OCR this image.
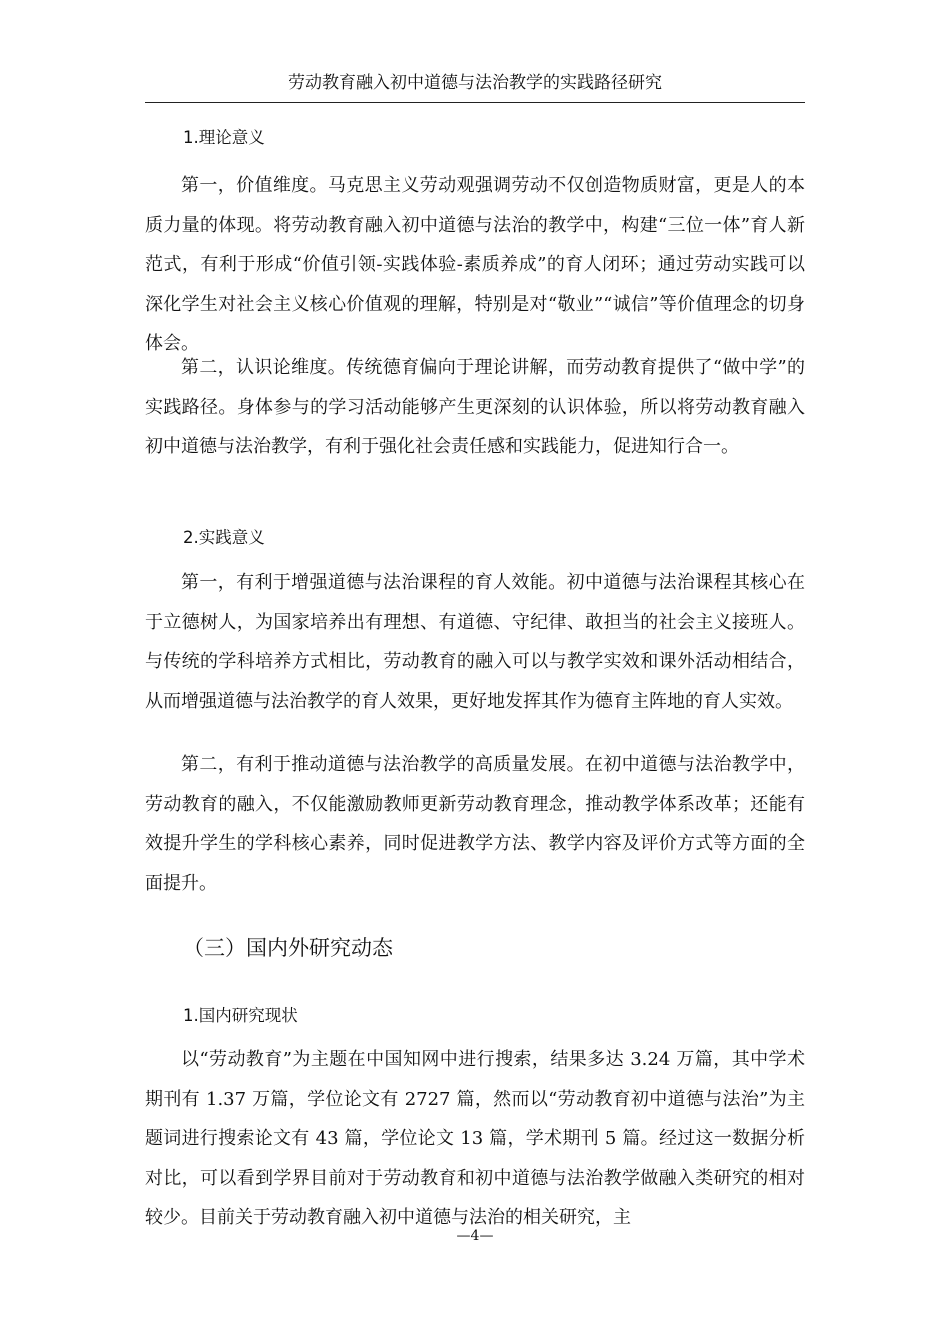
劳动教育融入初中道德与法治教学的实践路径研究
1.理论意义

第一，价值维度。马克思主义劳动观强调劳动不仅创造物质财富，更是人的本质力量的体现。将劳动教育融入初中道德与法治的教学中，构建“三位一体”育人新范式，有利于形成“价值引领-实践体验-素质养成”的育人闭环；通过劳动实践可以深化学生对社会主义核心价值观的理解，特别是对“敬业”“诚信”等价值理念的切身体会。

第二，认识论维度。传统德育偏向于理论讲解，而劳动教育提供了“做中学”的实践路径。身体参与的学习活动能够产生更深刻的认识体验，所以将劳动教育融入初中道德与法治教学，有利于强化社会责任感和实践能力，促进知行合一。

2.实践意义

第一，有利于增强道德与法治课程的育人效能。初中道德与法治课程其核心在于立德树人，为国家培养出有理想、有道德、守纪律、敢担当的社会主义接班人。与传统的学科培养方式相比，劳动教育的融入可以与教学实效和课外活动相结合，从而增强道德与法治教学的育人效果，更好地发挥其作为德育主阵地的育人实效。

第二，有利于推动道德与法治教学的高质量发展。在初中道德与法治教学中，劳动教育的融入，不仅能激励教师更新劳动教育理念，推动教学体系改革；还能有效提升学生的学科核心素养，同时促进教学方法、教学内容及评价方式等方面的全面提升。

（三）国内外研究动态
1.国内研究现状

以“劳动教育”为主题在中国知网中进行搜索，结果多达 3.24 万篇，其中学术期刊有 1.37 万篇，学位论文有 2727 篇，然而以“劳动教育初中道德与法治”为主题词进行搜索论文有 43 篇，学位论文 13 篇，学术期刊 5 篇。经过这一数据分析对比，可以看到学界目前对于劳动教育和初中道德与法治教学做融入类研究的相对较少。目前关于劳动教育融入初中道德与法治的相关研究，主

—4—
